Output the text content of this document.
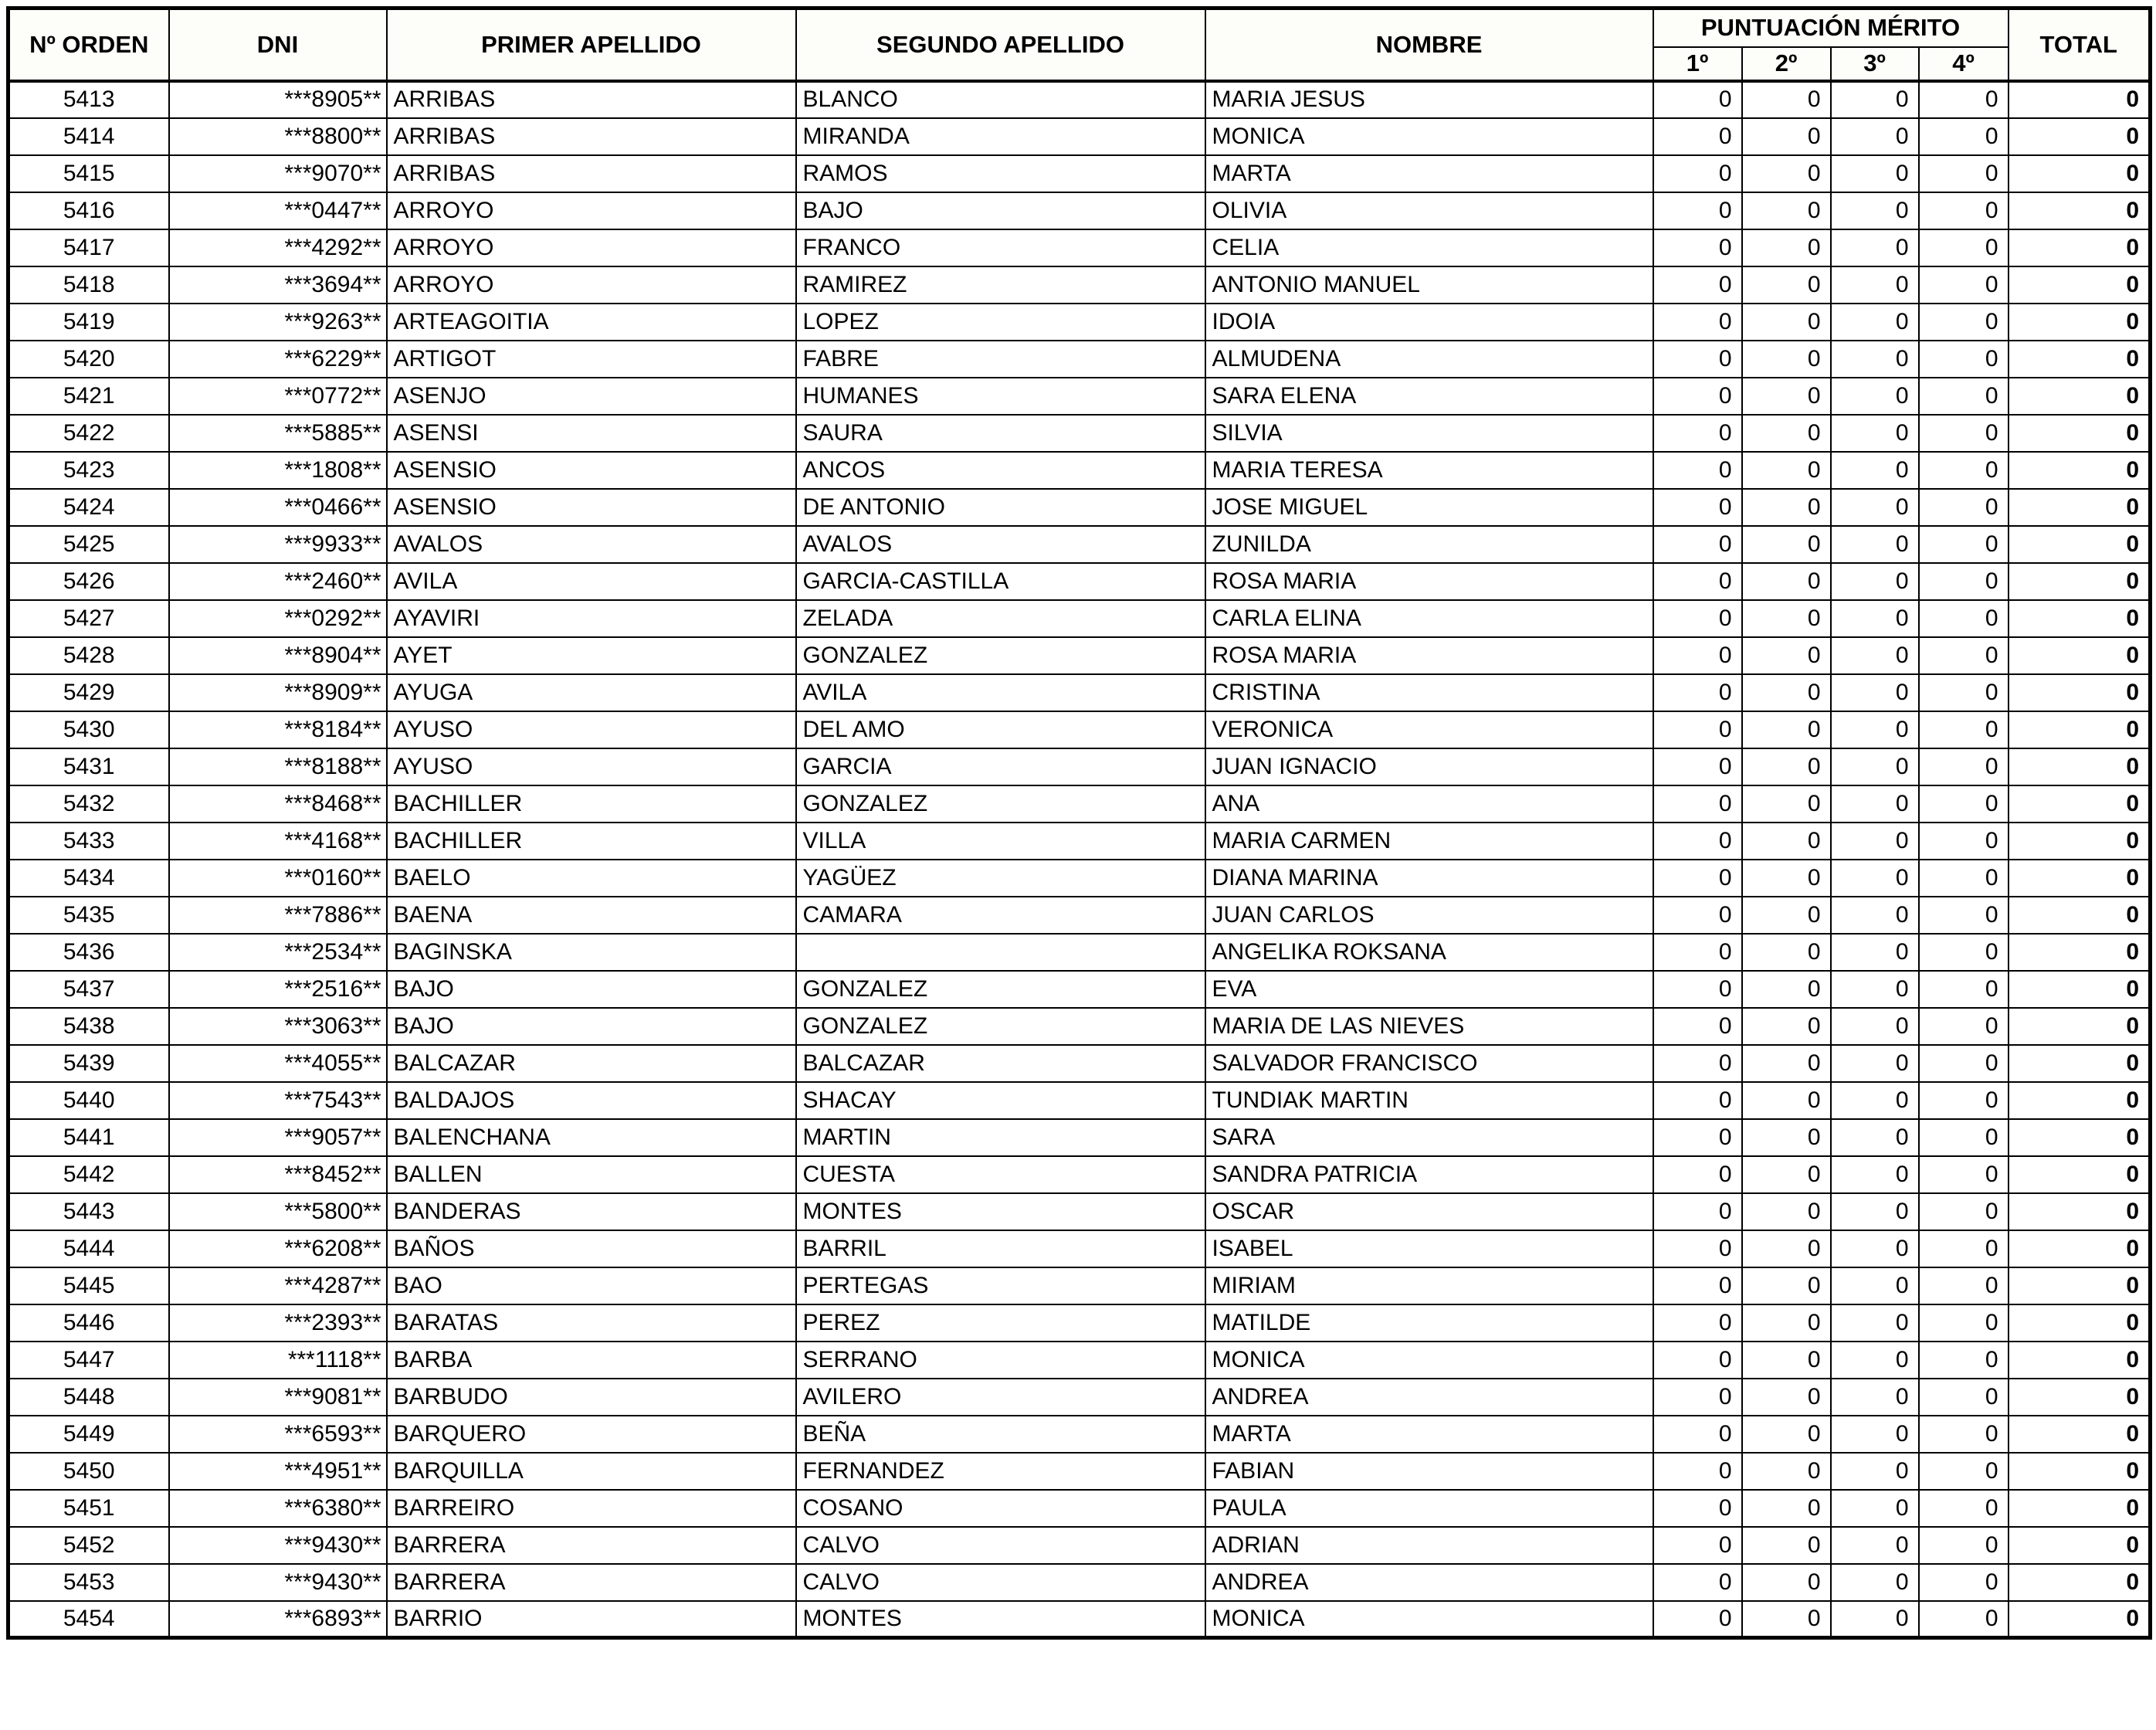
Nº ORDEN	DNI	PRIMER APELLIDO	SEGUNDO APELLIDO	NOMBRE	PUNTUACIÓN MÉRITO				TOTAL
					1º	2º	3º	4º	
5413	***8905**	ARRIBAS	BLANCO	MARIA JESUS	0	0	0	0	0
5414	***8800**	ARRIBAS	MIRANDA	MONICA	0	0	0	0	0
5415	***9070**	ARRIBAS	RAMOS	MARTA	0	0	0	0	0
5416	***0447**	ARROYO	BAJO	OLIVIA	0	0	0	0	0
5417	***4292**	ARROYO	FRANCO	CELIA	0	0	0	0	0
5418	***3694**	ARROYO	RAMIREZ	ANTONIO MANUEL	0	0	0	0	0
5419	***9263**	ARTEAGOITIA	LOPEZ	IDOIA	0	0	0	0	0
5420	***6229**	ARTIGOT	FABRE	ALMUDENA	0	0	0	0	0
5421	***0772**	ASENJO	HUMANES	SARA ELENA	0	0	0	0	0
5422	***5885**	ASENSI	SAURA	SILVIA	0	0	0	0	0
5423	***1808**	ASENSIO	ANCOS	MARIA TERESA	0	0	0	0	0
5424	***0466**	ASENSIO	DE ANTONIO	JOSE MIGUEL	0	0	0	0	0
5425	***9933**	AVALOS	AVALOS	ZUNILDA	0	0	0	0	0
5426	***2460**	AVILA	GARCIA-CASTILLA	ROSA MARIA	0	0	0	0	0
5427	***0292**	AYAVIRI	ZELADA	CARLA ELINA	0	0	0	0	0
5428	***8904**	AYET	GONZALEZ	ROSA MARIA	0	0	0	0	0
5429	***8909**	AYUGA	AVILA	CRISTINA	0	0	0	0	0
5430	***8184**	AYUSO	DEL AMO	VERONICA	0	0	0	0	0
5431	***8188**	AYUSO	GARCIA	JUAN IGNACIO	0	0	0	0	0
5432	***8468**	BACHILLER	GONZALEZ	ANA	0	0	0	0	0
5433	***4168**	BACHILLER	VILLA	MARIA CARMEN	0	0	0	0	0
5434	***0160**	BAELO	YAGÜEZ	DIANA MARINA	0	0	0	0	0
5435	***7886**	BAENA	CAMARA	JUAN CARLOS	0	0	0	0	0
5436	***2534**	BAGINSKA		ANGELIKA ROKSANA	0	0	0	0	0
5437	***2516**	BAJO	GONZALEZ	EVA	0	0	0	0	0
5438	***3063**	BAJO	GONZALEZ	MARIA DE LAS NIEVES	0	0	0	0	0
5439	***4055**	BALCAZAR	BALCAZAR	SALVADOR FRANCISCO	0	0	0	0	0
5440	***7543**	BALDAJOS	SHACAY	TUNDIAK MARTIN	0	0	0	0	0
5441	***9057**	BALENCHANA	MARTIN	SARA	0	0	0	0	0
5442	***8452**	BALLEN	CUESTA	SANDRA PATRICIA	0	0	0	0	0
5443	***5800**	BANDERAS	MONTES	OSCAR	0	0	0	0	0
5444	***6208**	BAÑOS	BARRIL	ISABEL	0	0	0	0	0
5445	***4287**	BAO	PERTEGAS	MIRIAM	0	0	0	0	0
5446	***2393**	BARATAS	PEREZ	MATILDE	0	0	0	0	0
5447	***1118**	BARBA	SERRANO	MONICA	0	0	0	0	0
5448	***9081**	BARBUDO	AVILERO	ANDREA	0	0	0	0	0
5449	***6593**	BARQUERO	BEÑA	MARTA	0	0	0	0	0
5450	***4951**	BARQUILLA	FERNANDEZ	FABIAN	0	0	0	0	0
5451	***6380**	BARREIRO	COSANO	PAULA	0	0	0	0	0
5452	***9430**	BARRERA	CALVO	ADRIAN	0	0	0	0	0
5453	***9430**	BARRERA	CALVO	ANDREA	0	0	0	0	0
5454	***6893**	BARRIO	MONTES	MONICA	0	0	0	0	0
